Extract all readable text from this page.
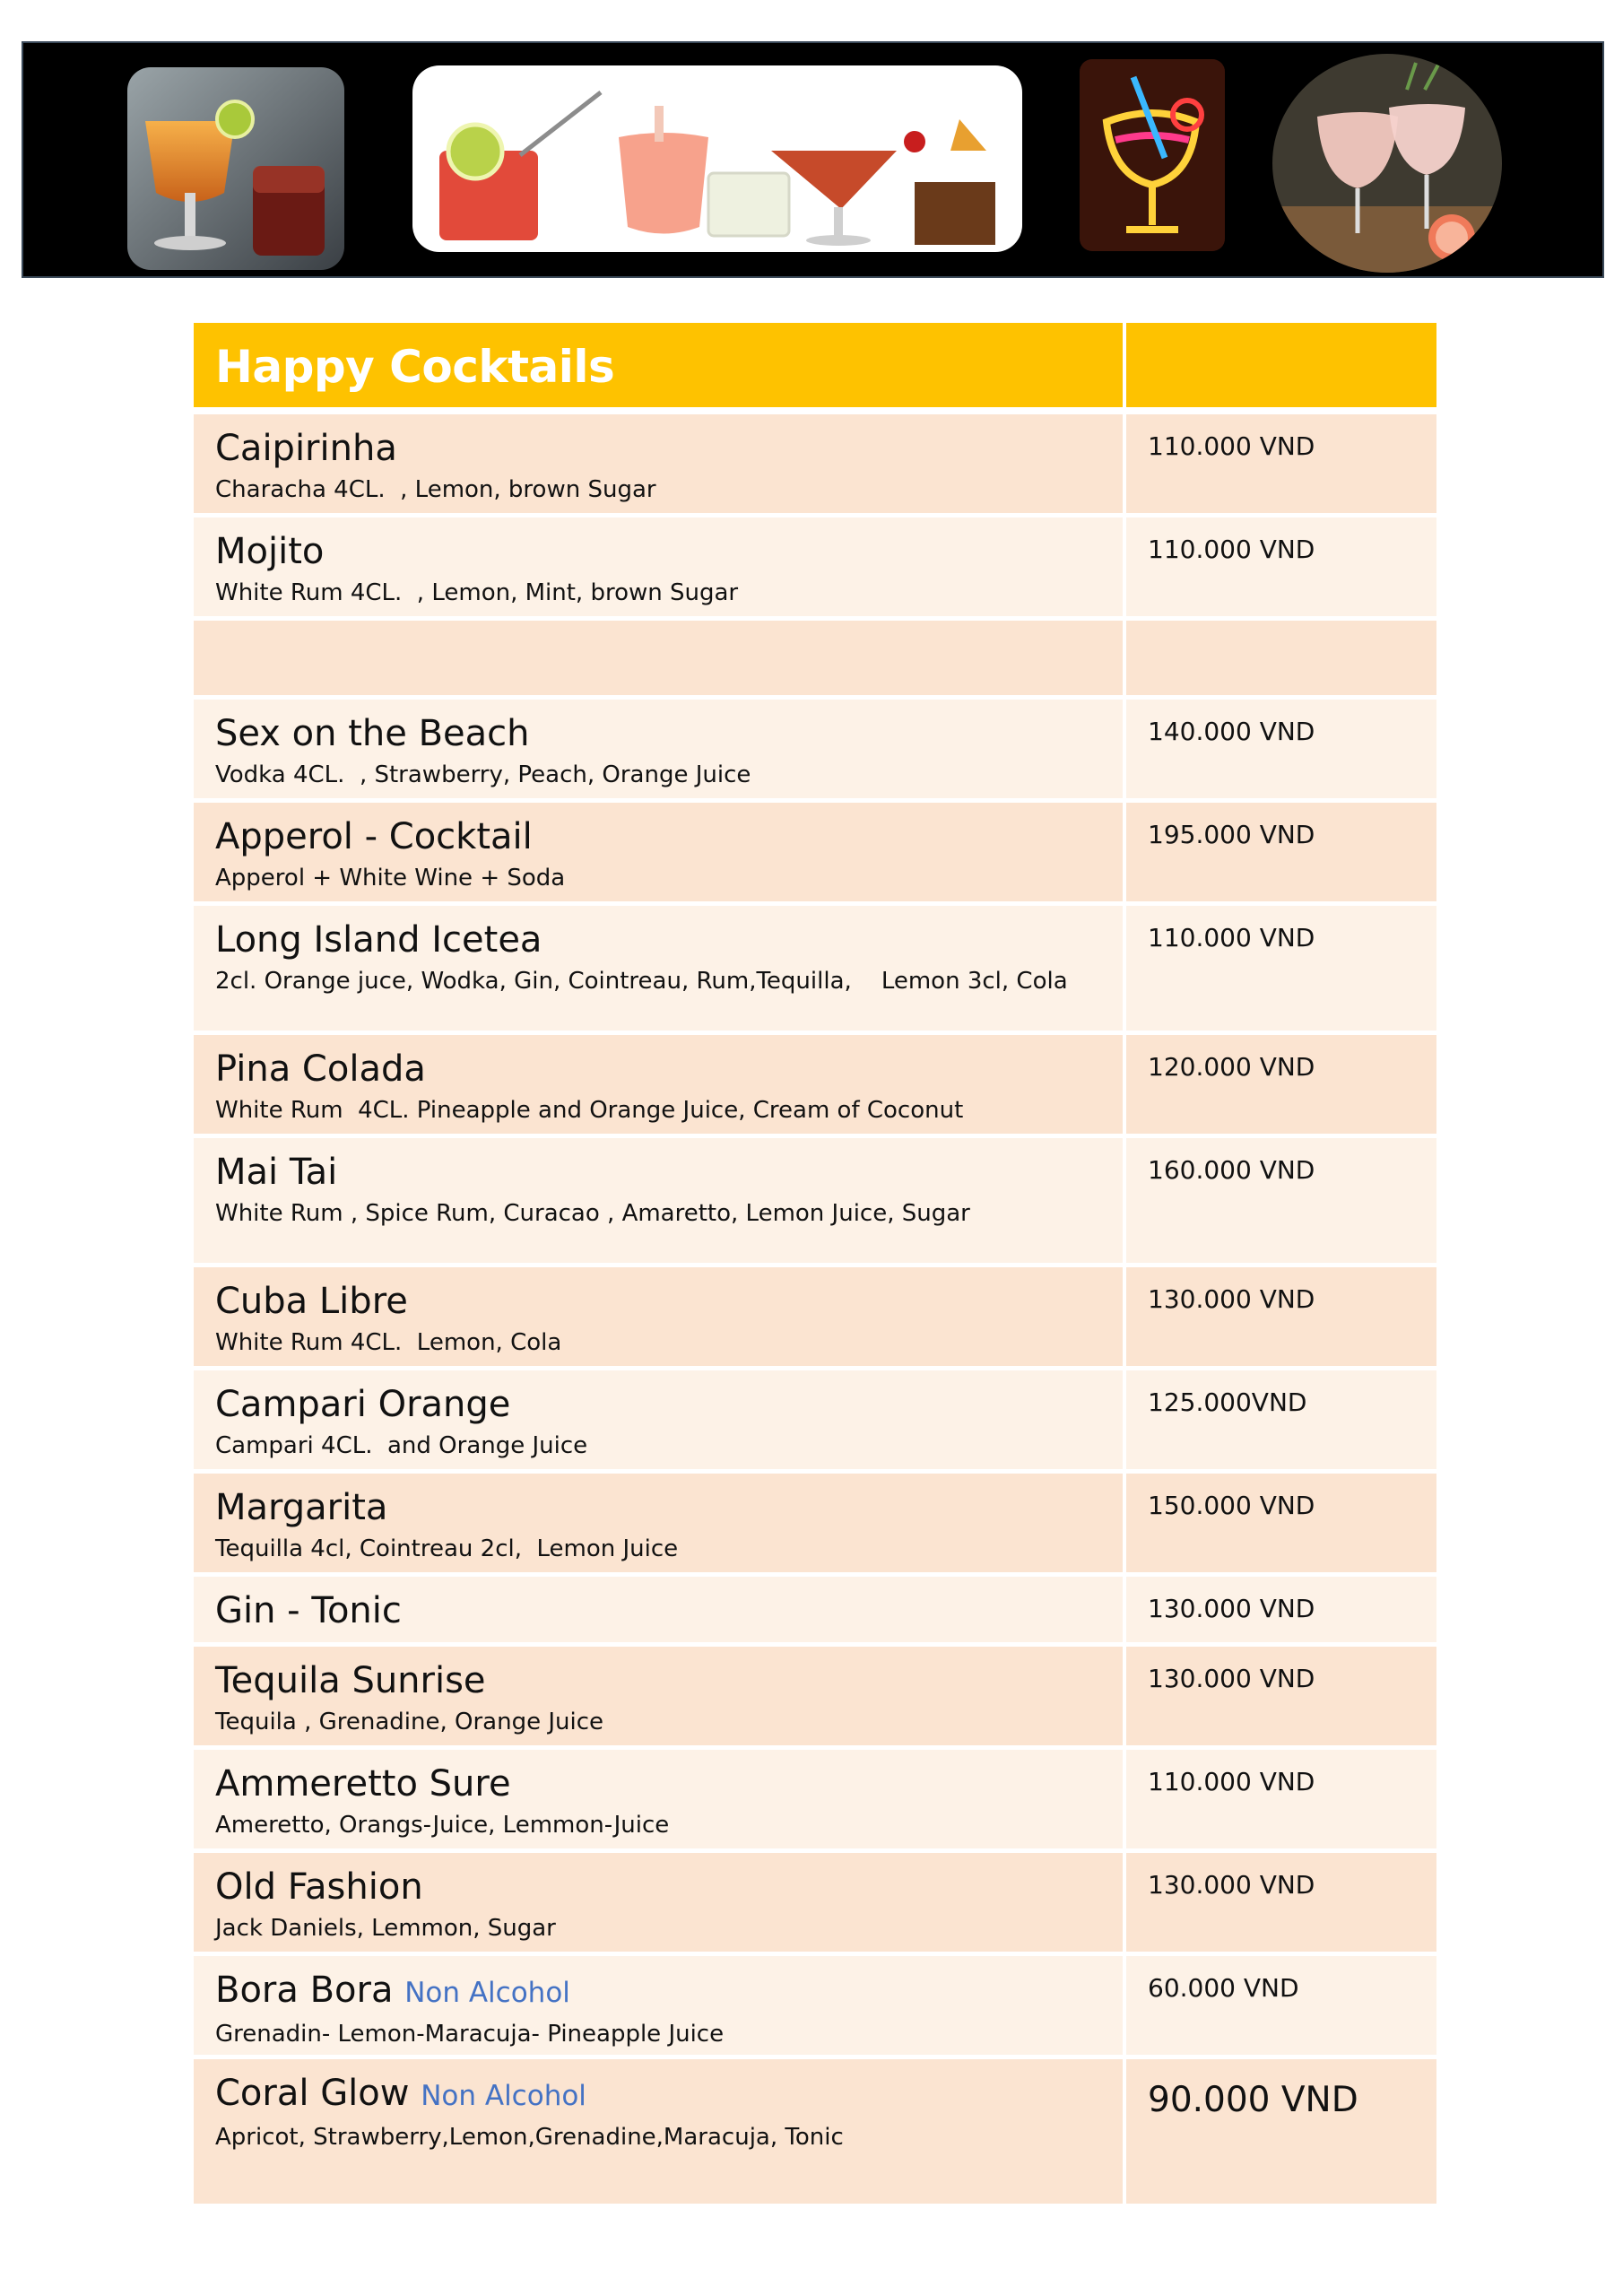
Happy Cocktails	

Caipirinha
Characha 4CL.  , Lemon, brown Sugar	110.000 VND

Mojito
White Rum 4CL.  , Lemon, Mint, brown Sugar	110.000 VND

Sex on the Beach
Vodka 4CL.  , Strawberry, Peach, Orange Juice	140.000 VND

Apperol - Cocktail
Apperol + White Wine + Soda	195.000 VND

Long Island Icetea
2cl. Orange juce, Wodka, Gin, Cointreau, Rum,Tequilla,    Lemon 3cl, Cola	110.000 VND

Pina Colada
White Rum  4CL. Pineapple and Orange Juice, Cream of Coconut	120.000 VND

Mai Tai
White Rum , Spice Rum, Curacao , Amaretto, Lemon Juice, Sugar	160.000 VND

Cuba Libre
White Rum 4CL.  Lemon, Cola	130.000 VND

Campari Orange
Campari 4CL.  and Orange Juice	125.000VND

Margarita
Tequilla 4cl, Cointreau 2cl,  Lemon Juice	150.000 VND

Gin - Tonic	130.000 VND

Tequila Sunrise
Tequila , Grenadine, Orange Juice	130.000 VND

Ammeretto Sure
Ameretto, Orangs-Juice, Lemmon-Juice	110.000 VND

Old Fashion
Jack Daniels, Lemmon, Sugar	130.000 VND

Bora Bora Non Alcohol
Grenadin- Lemon-Maracuja- Pineapple Juice	60.000 VND

Coral Glow Non Alcohol
Apricot, Strawberry,Lemon,Grenadine,Maracuja, Tonic	90.000 VND
